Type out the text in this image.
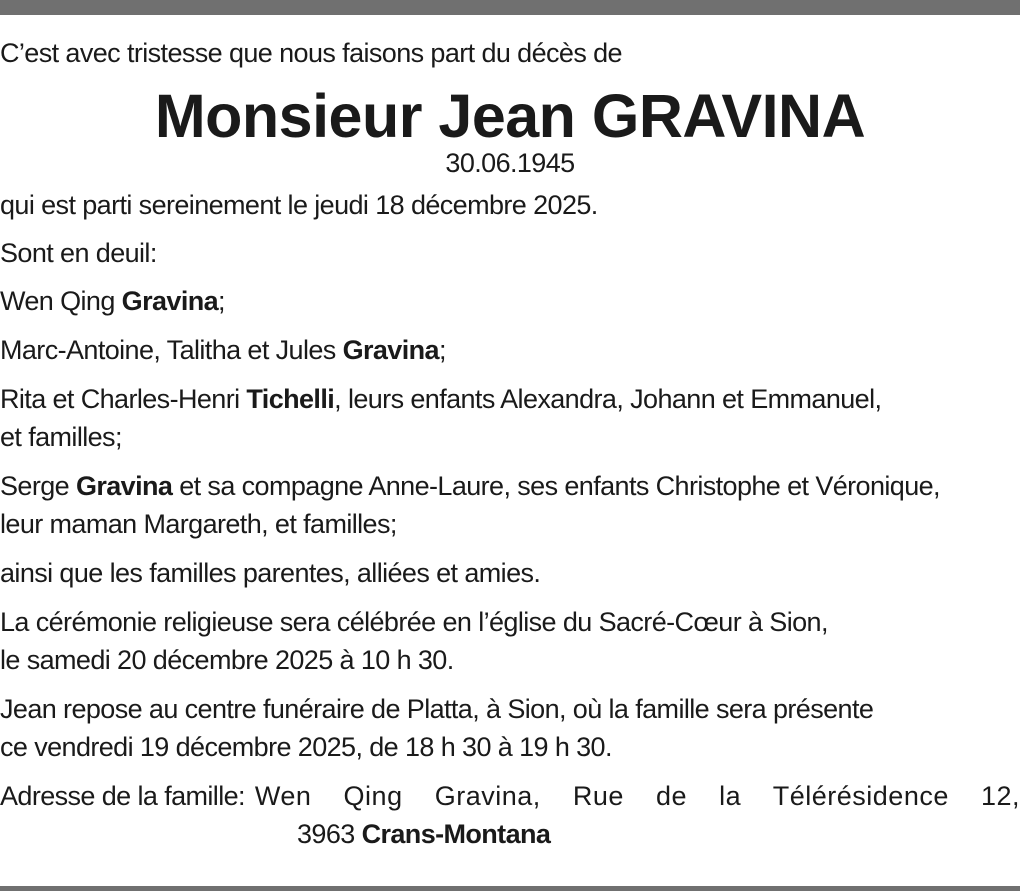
C’est avec tristesse que nous faisons part du décès de

Monsieur Jean GRAVINA
30.06.1945

qui est parti sereinement le jeudi 18 décembre 2025.

Sont en deuil:

Wen Qing Gravina;

Marc-Antoine, Talitha et Jules Gravina;

Rita et Charles-Henri Tichelli, leurs enfants Alexandra, Johann et Emmanuel,
et familles;

Serge Gravina et sa compagne Anne-Laure, ses enfants Christophe et Véronique,
leur maman Margareth, et familles;

ainsi que les familles parentes, alliées et amies.

La cérémonie religieuse sera célébrée en l’église du Sacré-Cœur à Sion,
le samedi 20 décembre 2025 à 10 h 30.

Jean repose au centre funéraire de Platta, à Sion, où la famille sera présente
ce vendredi 19 décembre 2025, de 18 h 30 à 19 h 30.

Adresse de la famille: Wen Qing Gravina, Rue de la Télérésidence 12,
3963 Crans-Montana
